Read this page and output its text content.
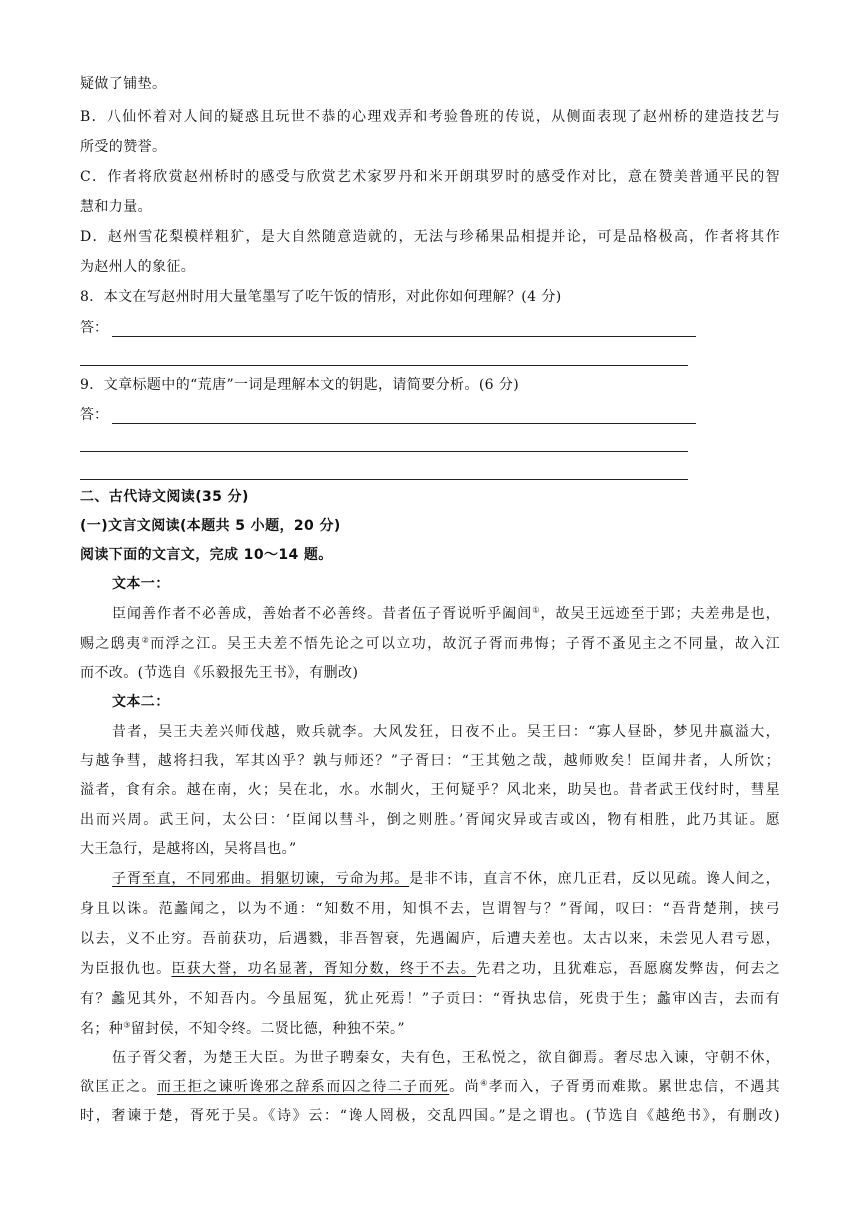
疑做了铺垫。
B．八仙怀着对人间的疑惑且玩世不恭的心理戏弄和考验鲁班的传说，从侧面表现了赵州桥的建造技艺与
所受的赞誉。
C．作者将欣赏赵州桥时的感受与欣赏艺术家罗丹和米开朗琪罗时的感受作对比，意在赞美普通平民的智
慧和力量。
D．赵州雪花梨模样粗犷，是大自然随意造就的，无法与珍稀果品相提并论，可是品格极高，作者将其作
为赵州人的象征。
8．本文在写赵州时用大量笔墨写了吃午饭的情形，对此你如何理解？(4 分)
答：
9．文章标题中的“荒唐”一词是理解本文的钥匙，请简要分析。(6 分)
答：
二、古代诗文阅读(35 分)
(一)文言文阅读(本题共 5 小题，20 分)
阅读下面的文言文，完成 10～14 题。
文本一：
臣闻善作者不必善成，善始者不必善终。昔者伍子胥说听乎阖闾①，故吴王远迹至于郢；夫差弗是也，
赐之鸱夷②而浮之江。吴王夫差不悟先论之可以立功，故沉子胥而弗悔；子胥不蚤见主之不同量，故入江
而不改。(节选自《乐毅报先王书》，有删改)
文本二：
昔者，吴王夫差兴师伐越，败兵就李。大风发狂，日夜不止。吴王曰：“寡人昼卧，梦见井嬴溢大，
与越争彗，越将扫我，军其凶乎？孰与师还？”子胥曰：“王其勉之哉，越师败矣！臣闻井者，人所饮；
溢者，食有余。越在南，火；吴在北，水。水制火，王何疑乎？风北来，助吴也。昔者武王伐纣时，彗星
出而兴周。武王问，太公曰：‘臣闻以彗斗，倒之则胜。’胥闻灾异或吉或凶，物有相胜，此乃其证。愿
大王急行，是越将凶，吴将昌也。”
子胥至直，不同邪曲。捐躯切谏，亏命为邦。是非不讳，直言不休，庶几正君，反以见疏。谗人间之，
身且以诛。范蠡闻之，以为不通：“知数不用，知惧不去，岂谓智与？”胥闻，叹曰：“吾背楚荆，挟弓
以去，义不止穷。吾前获功，后遇戮，非吾智衰，先遇阖庐，后遭夫差也。太古以来，未尝见人君亏恩，
为臣报仇也。臣获大誉，功名显著，胥知分数，终于不去。先君之功，且犹难忘，吾愿腐发弊齿，何去之
有？蠡见其外，不知吾内。今虽屈冤，犹止死焉！”子贡曰：“胥执忠信，死贵于生；蠡审凶吉，去而有
名；种③留封侯，不知令终。二贤比德，种独不荣。”
伍子胥父奢，为楚王大臣。为世子聘秦女，夫有色，王私悦之，欲自御焉。奢尽忠入谏，守朝不休，
欲匡正之。而王拒之谏听谗邪之辞系而囚之待二子而死。尚④孝而入，子胥勇而难欺。累世忠信，不遇其
时，奢谏于楚，胥死于吴。《诗》云：“谗人罔极，交乱四国。”是之谓也。(节选自《越绝书》，有删改)
